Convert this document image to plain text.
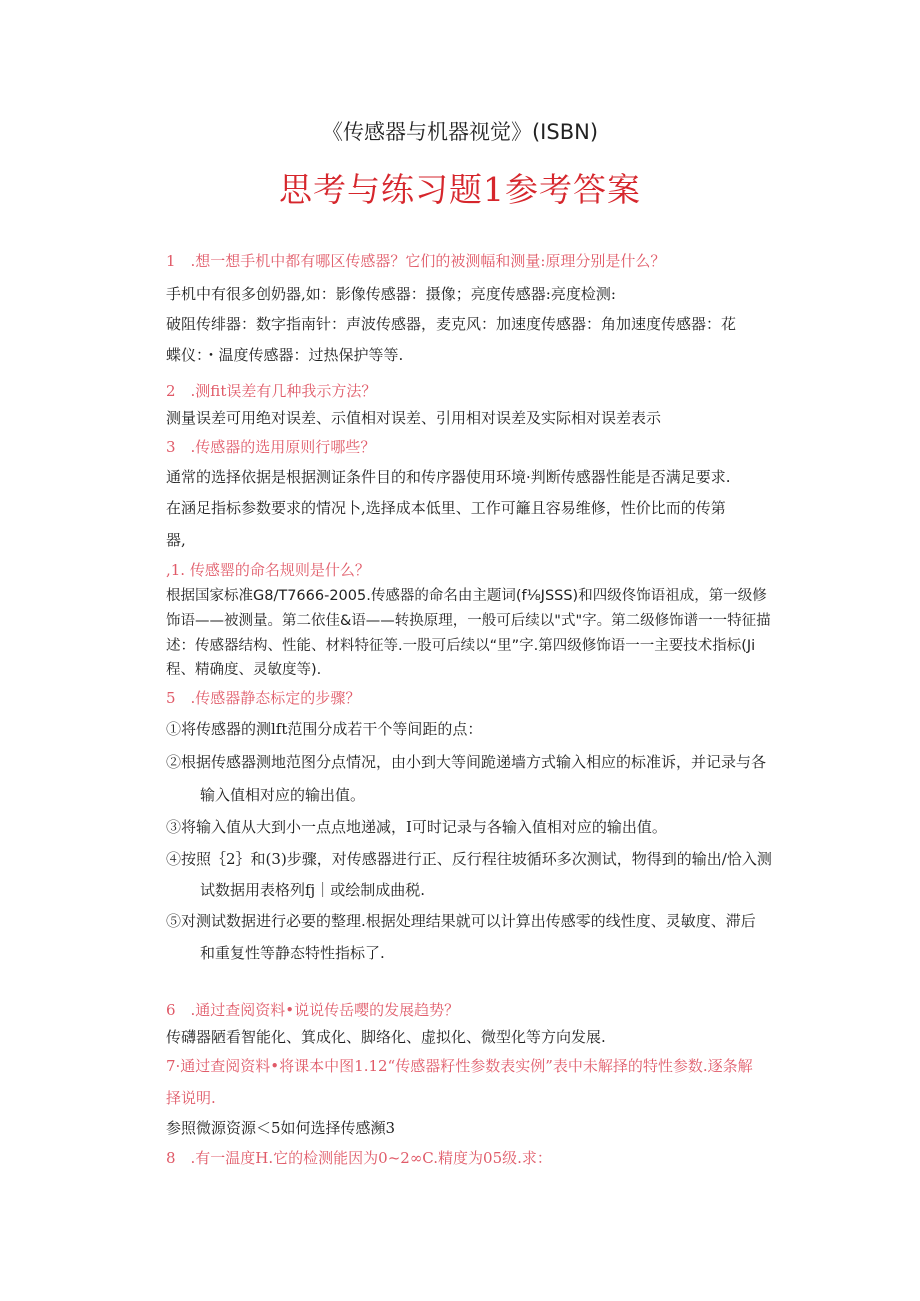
《传感器与机器视觉》(ISBN)
思考与练习题1参考答案
1　.想一想手机中都有哪区传感器？它们的被测幅和测量:原理分别是什么？
手机中有很多创奶器,如：影像传感器：摄像；亮度传感器:亮度检测:
破阻传绯器：数字指南针：声波传感器，麦克风：加速度传感器：角加速度传感器：花
蝶仪：・温度传感器：过热保护等等.
2　.测fit误差有几种我示方法？
测量误差可用绝对误差、示值相对误差、引用相对误差及实际相对误差表示
3　.传感器的选用原则行哪些？
通常的选择依据是根据测证条件目的和传序器使用环境·判断传感器性能是否满足要求.
在涵足指标参数要求的情况卜,选择成本低里、工作可籬且容易维修，性价比而的传第
器,
,1. 传感罂的命名规则是什么？
根据国家标准G8/T7666-2005.传感器的命名由主题词(f⅛JSSS)和四级佟饰语祖成，第一级修
饰语——被测量。第二依佳&语——转换原理，一般可后续以"式"字。第二级修饰谱一一特征描
述：传感器结构、性能、材料特征等.一股可后续以“里”字.第四级修饰语一一主要技术指标(Ji
程、精确度、灵敏度等).
5　.传感器静态标定的步骤？
①将传感器的测lft范围分成若干个等间距的点：
②根据传感器测地范图分点情况，由小到大等间跪递墙方式输入相应的标准诉，并记录与各
输入值相对应的输出值。
③将输入值从大到小一点点地递减，I可时记录与各输入值相对应的输出值。
④按照｛2｝和(3)步骤，对传感器进行正、反行程往坡循环多次测试，物得到的输出/恰入测
试数据用表格列fj｜或绘制成曲税.
⑤对测试数据进行必要的整理.根据处理结果就可以计算出传感零的线性度、灵敏度、滞后
和重复性等静态特性指标了.
6　.通过查阅资料•说说传岳嘤的发展趋势？
传礴器陋看智能化、箕成化、脚络化、虚拟化、微型化等方向发展.
7·通过查阅资料•将课本中图1.12“传感器籽性参数表实例”表中未解择的特性参数.逐条解
择说明.
参照微源资源＜5如何选择传感瀕3
8　.有一温度H.它的检测能因为0~2∞C.精度为05级.求：
